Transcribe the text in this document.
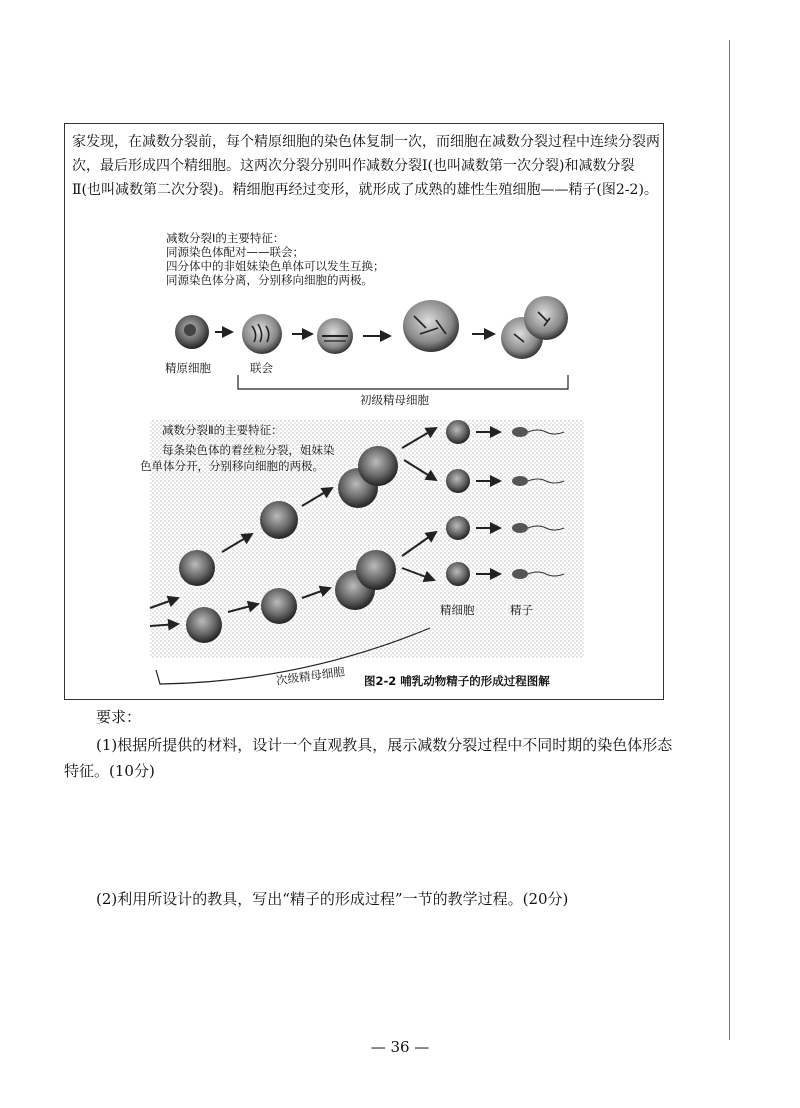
家发现，在减数分裂前，每个精原细胞的染色体复制一次，而细胞在减数分裂过程中连续分裂两次，最后形成四个精细胞。这两次分裂分别叫作减数分裂Ⅰ(也叫减数第一次分裂)和减数分裂Ⅱ(也叫减数第二次分裂)。精细胞再经过变形，就形成了成熟的雄性生殖细胞——精子(图2-2)。

减数分裂Ⅰ的主要特征：

同源染色体配对——联会；

四分体中的非姐妹染色单体可以发生互换；

同源染色体分离，分别移向细胞的两极。

精原细胞	联会

初级精母细胞

减数分裂Ⅱ的主要特征：

每条染色体的着丝粒分裂，姐妹染

色单体分开，分别移向细胞的两极。

精细胞	精子

次级精母细胞 图2-2 哺乳动物精子的形成过程图解

要求：

(1)根据所提供的材料，设计一个直观教具，展示减数分裂过程中不同时期的染色体形态

特征。(10分)

(2)利用所设计的教具，写出“精子的形成过程”一节的教学过程。(20分)

— 36 —
